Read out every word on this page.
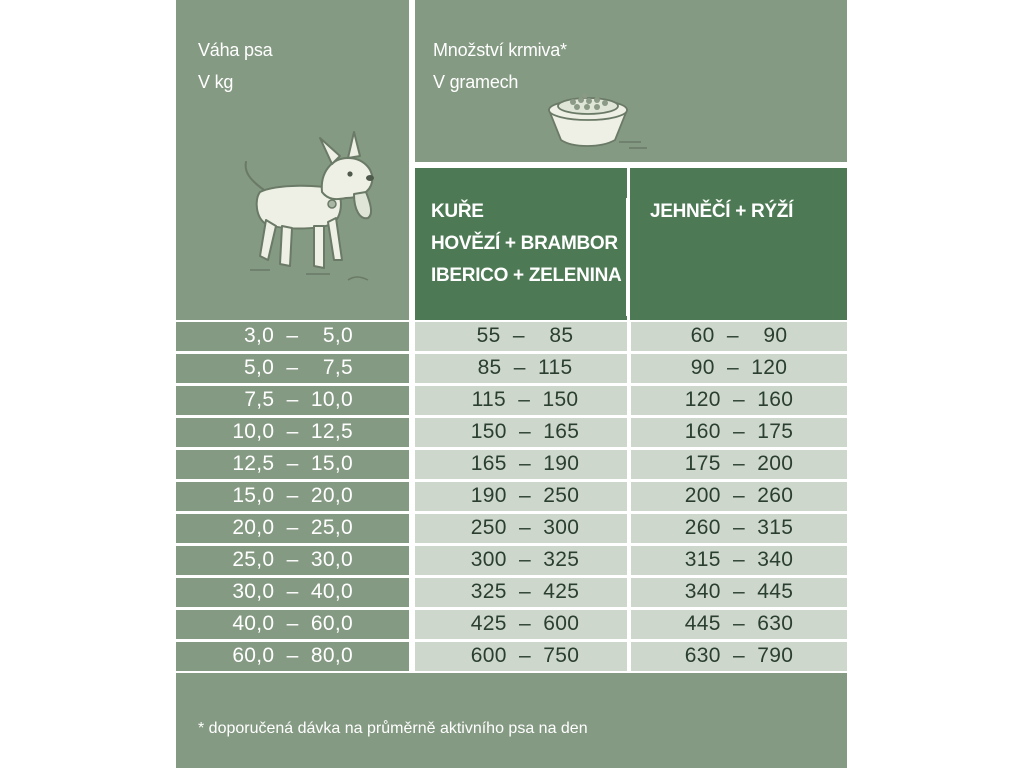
Váha psa
V kg
Množství krmiva*
V gramech
KUŘE
HOVĚZÍ + BRAMBOR
IBERICO + ZELENINA
JEHNĚČÍ + RÝŽÍ
3,0  –    5,0	55  –    85	60  –    90
5,0  –    7,5	85  –  115	90  –  120
7,5  –  10,0	115  –  150	120  –  160
10,0  –  12,5	150  –  165	160  –  175
12,5  –  15,0	165  –  190	175  –  200
15,0  –  20,0	190  –  250	200  –  260
20,0  –  25,0	250  –  300	260  –  315
25,0  –  30,0	300  –  325	315  –  340
30,0  –  40,0	325  –  425	340  –  445
40,0  –  60,0	425  –  600	445  –  630
60,0  –  80,0	600  –  750	630  –  790
* doporučená dávka na průměrně aktivního psa na den
